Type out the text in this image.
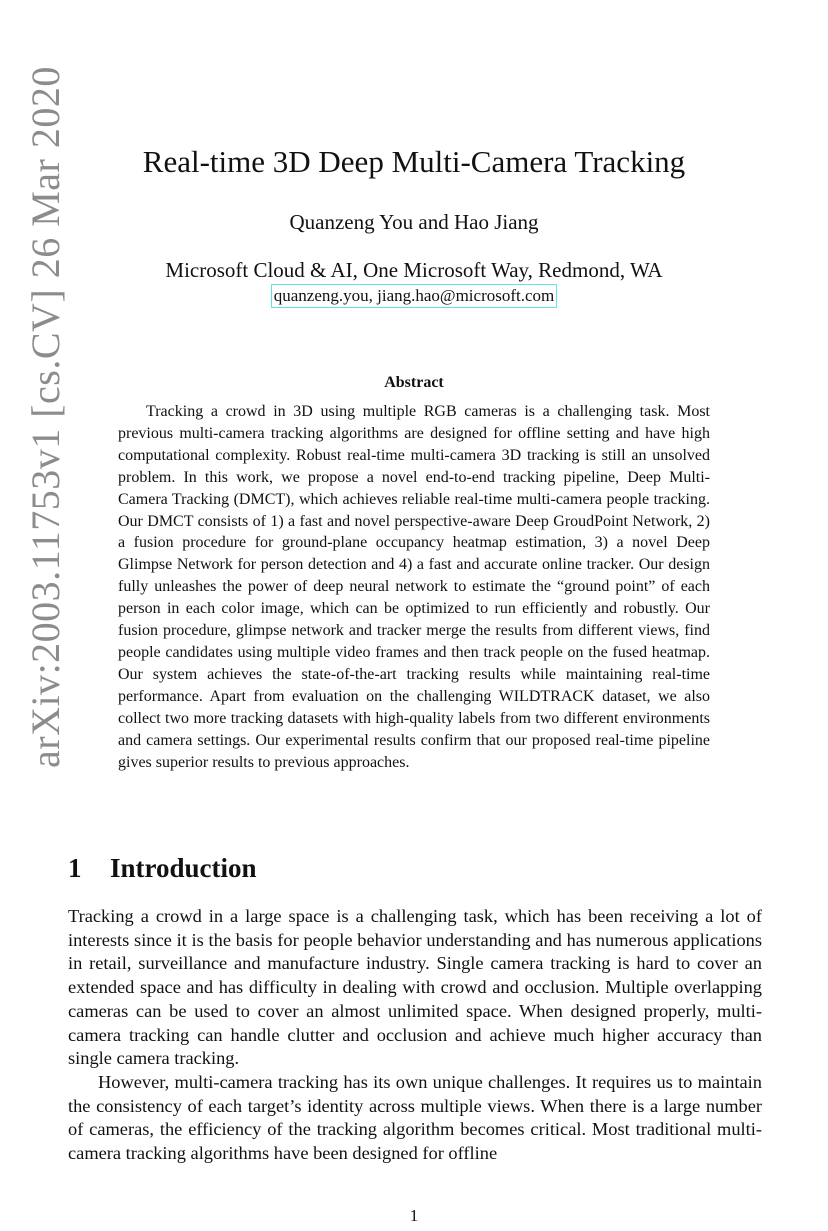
arXiv:2003.11753v1 [cs.CV] 26 Mar 2020	Real-time 3D Deep Multi-Camera Tracking
Quanzeng You and Hao Jiang
Microsoft Cloud & AI, One Microsoft Way, Redmond, WA
quanzeng.you, jiang.hao@microsoft.com
Abstract

Tracking a crowd in 3D using multiple RGB cameras is a challenging task. Most previous multi-camera tracking algorithms are designed for offline setting and have high computational complexity. Robust real-time multi-camera 3D tracking is still an unsolved problem. In this work, we propose a novel end-to-end tracking pipeline, Deep Multi-Camera Tracking (DMCT), which achieves reliable real-time multi-camera people tracking. Our DMCT consists of 1) a fast and novel perspective-aware Deep GroudPoint Network, 2) a fusion procedure for ground-plane occupancy heatmap estimation, 3) a novel Deep Glimpse Network for person detection and 4) a fast and accurate online tracker. Our design fully unleashes the power of deep neural network to estimate the “ground point” of each person in each color image, which can be optimized to run efficiently and robustly. Our fusion procedure, glimpse network and tracker merge the results from different views, find people candidates using multiple video frames and then track people on the fused heatmap. Our system achieves the state-of-the-art tracking results while maintaining real-time performance. Apart from evaluation on the challenging WILDTRACK dataset, we also collect two more tracking datasets with high-quality labels from two different environments and camera settings. Our experimental results confirm that our proposed real-time pipeline gives superior results to previous approaches.

1 Introduction

Tracking a crowd in a large space is a challenging task, which has been receiving a lot of interests since it is the basis for people behavior understanding and has numerous applications in retail, surveillance and manufacture industry. Single camera tracking is hard to cover an extended space and has difficulty in dealing with crowd and occlusion. Multiple overlapping cameras can be used to cover an almost unlimited space. When designed properly, multi-camera tracking can handle clutter and occlusion and achieve much higher accuracy than single camera tracking.

However, multi-camera tracking has its own unique challenges. It requires us to maintain the consistency of each target’s identity across multiple views. When there is a large number of cameras, the efficiency of the tracking algorithm becomes critical. Most traditional multi-camera tracking algorithms have been designed for offline

1
